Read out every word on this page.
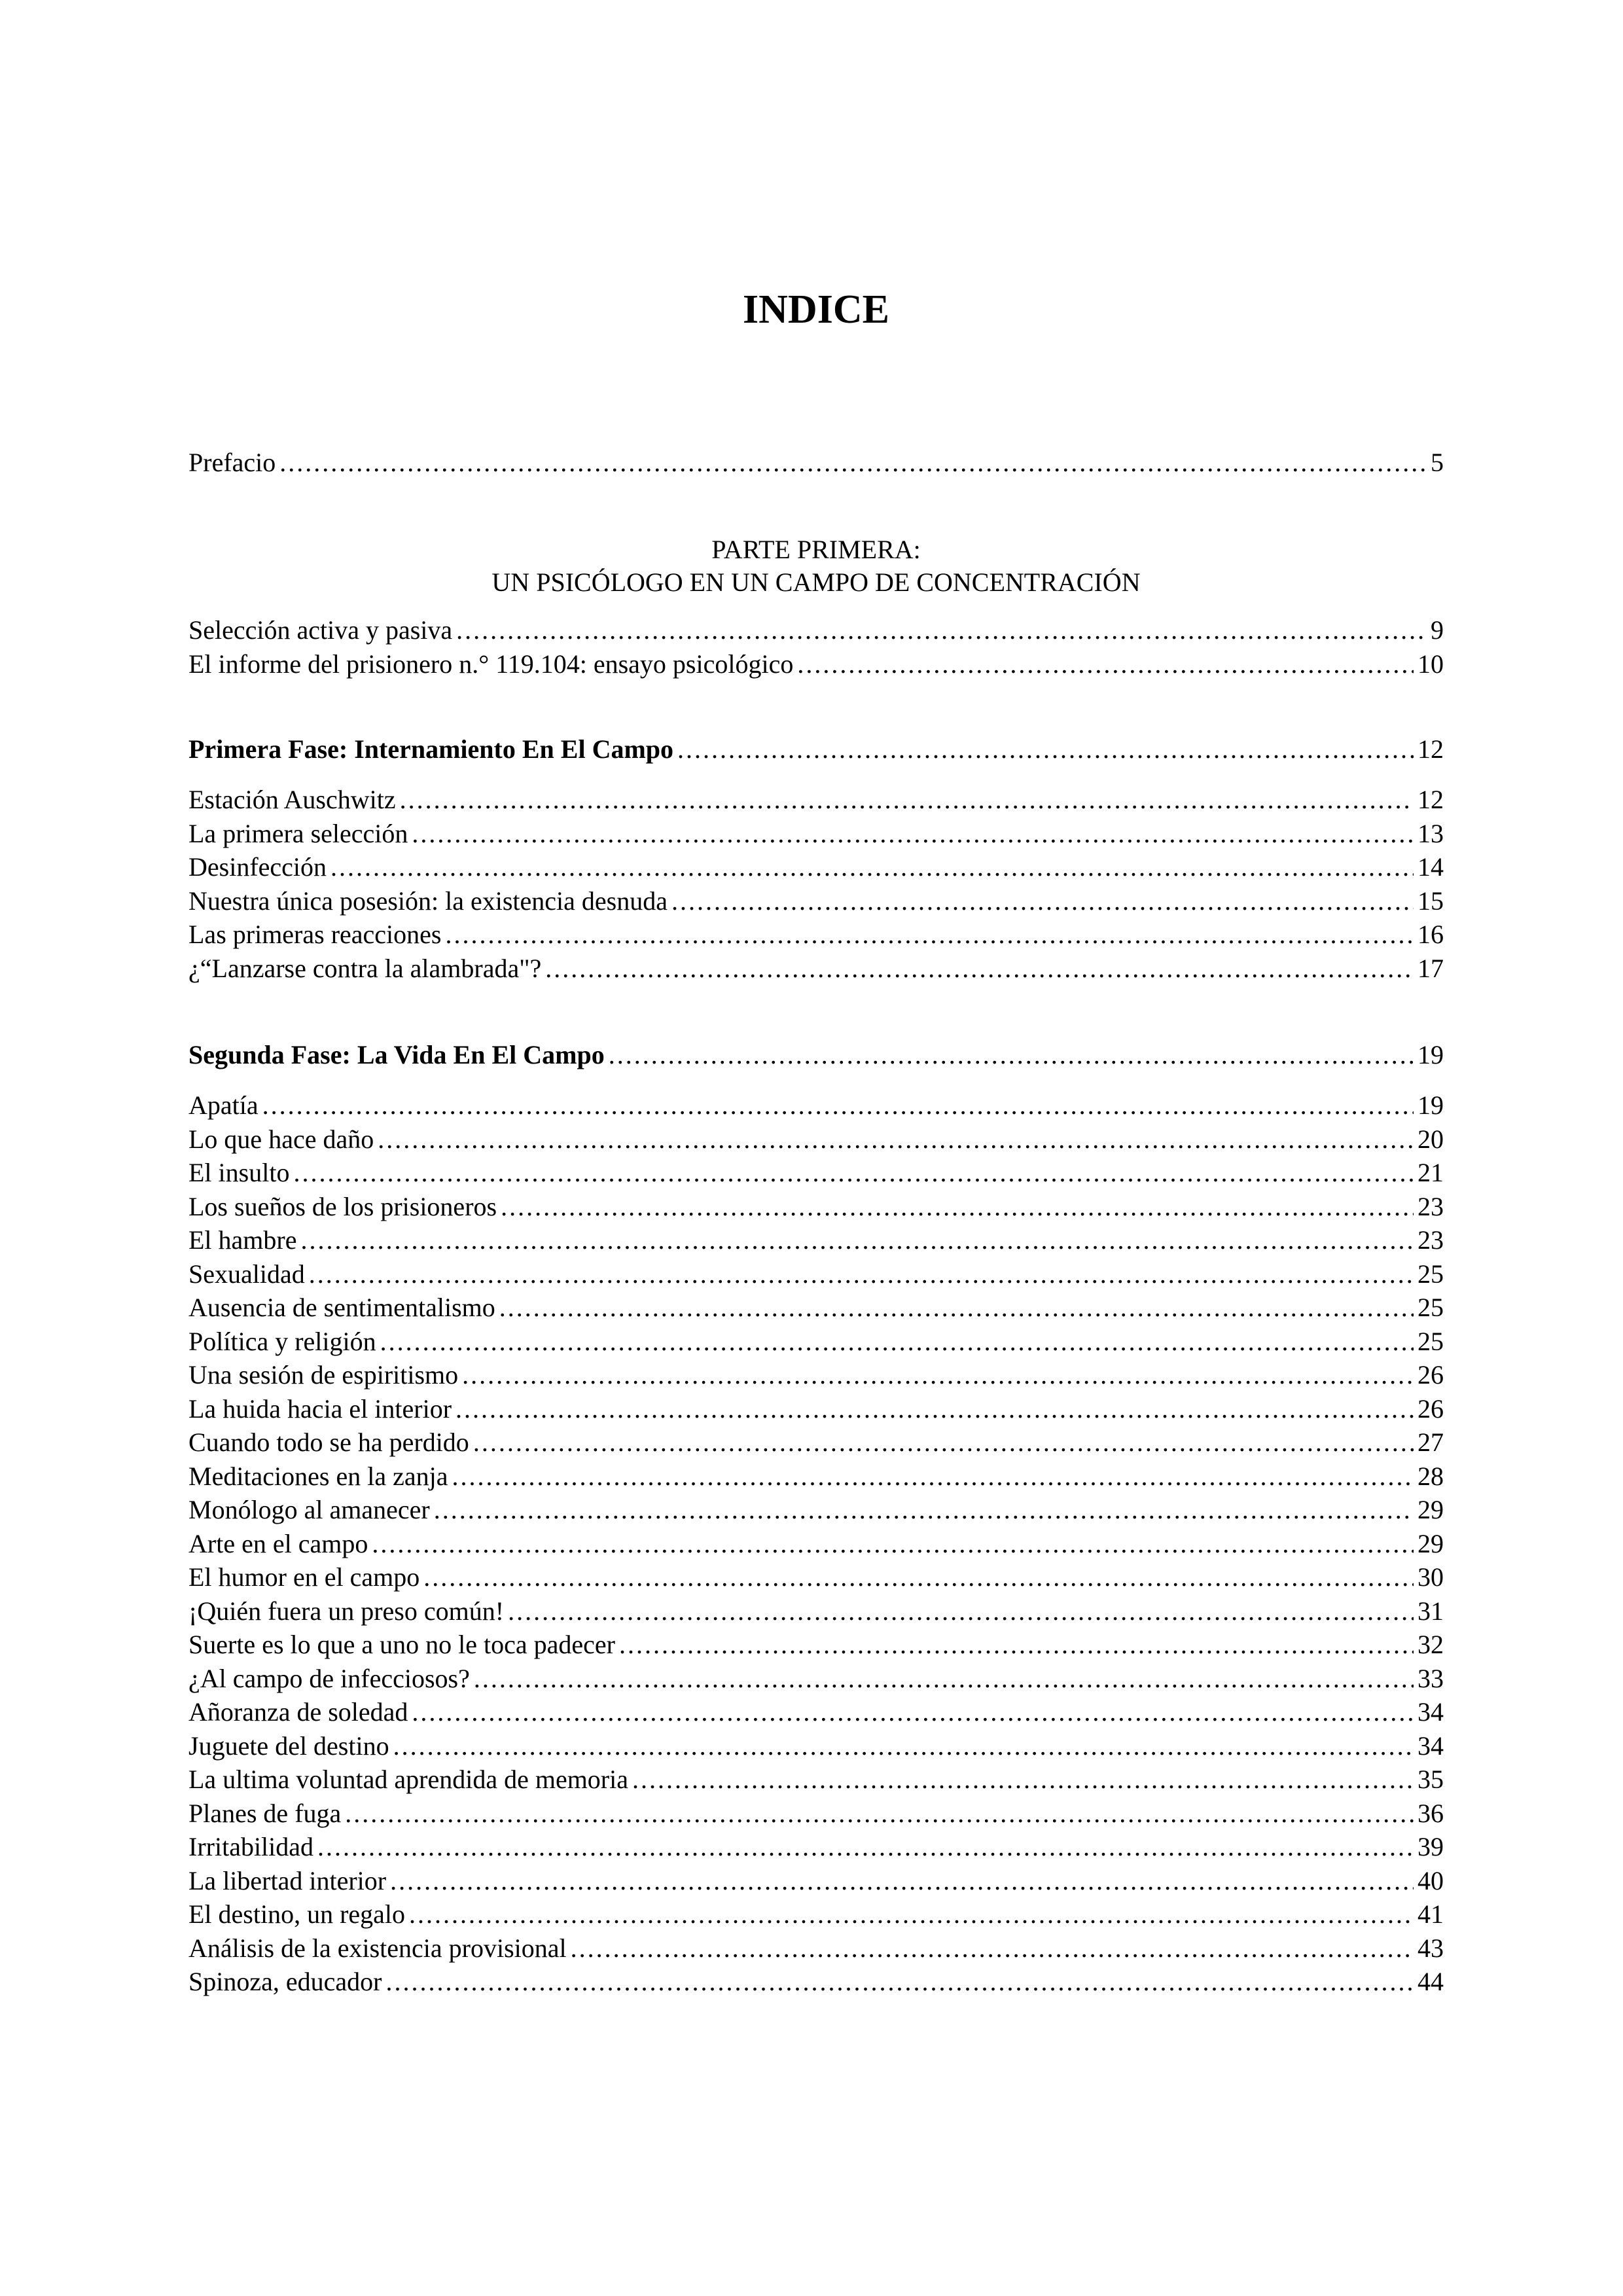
INDICE
Prefacio .....	5
PARTE PRIMERA:
UN PSICÓLOGO EN UN CAMPO DE CONCENTRACIÓN
Selección activa y pasiva .....	9
El informe del prisionero n.° 119.104: ensayo psicológico .....	10
Primera Fase: Internamiento En El Campo .....	12
Estación Auschwitz .....	12
La primera selección .....	13
Desinfección .....	14
Nuestra única posesión: la existencia desnuda .....	15
Las primeras reacciones .....	16
¿“Lanzarse contra la alambrada"? .....	17
Segunda Fase: La Vida En El Campo .....	19
Apatía .....	19
Lo que hace daño .....	20
El insulto .....	21
Los sueños de los prisioneros .....	23
El hambre .....	23
Sexualidad .....	25
Ausencia de sentimentalismo .....	25
Política y religión .....	25
Una sesión de espiritismo .....	26
La huida hacia el interior .....	26
Cuando todo se ha perdido .....	27
Meditaciones en la zanja .....	28
Monólogo al amanecer .....	29
Arte en el campo .....	29
El humor en el campo .....	30
¡Quién fuera un preso común! .....	31
Suerte es lo que a uno no le toca padecer .....	32
¿Al campo de infecciosos? .....	33
Añoranza de soledad .....	34
Juguete del destino .....	34
La ultima voluntad aprendida de memoria .....	35
Planes de fuga .....	36
Irritabilidad .....	39
La libertad interior .....	40
El destino, un regalo .....	41
Análisis de la existencia provisional .....	43
Spinoza, educador .....	44
